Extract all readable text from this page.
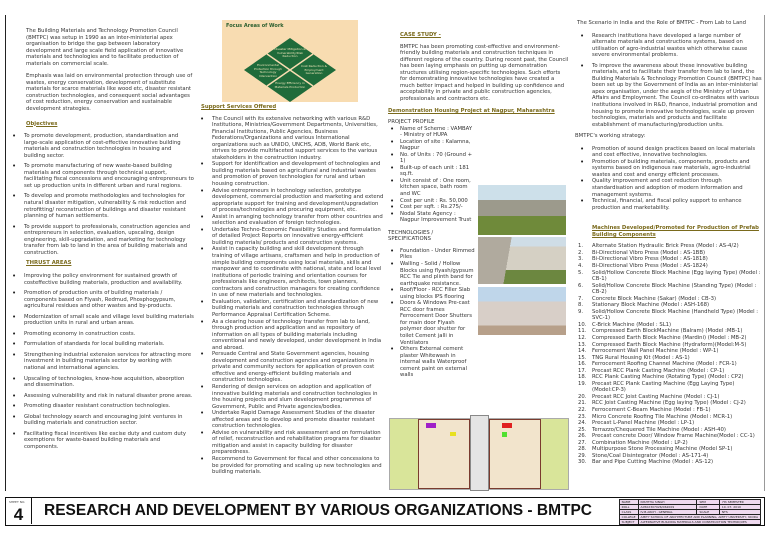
The Building Materials and Technology Promotion Council (BMTPC) was setup in 1990 as an inter-ministerial apex organisation to bridge the gap between laboratory development and large scale field application of innovative materials and technologies and to facilitate production of materials on commercial scale.

Emphasis was laid on environmental protection through use of wastes, energy conservation, development of substitute materials for scarce materials like wood etc, disaster resistant construction technologies, and consequent social advantages of cost reduction, energy conservation and sustainable development strategies.

Objectives
• To promote development, production, standardisation and large-scale application of cost-effective innovative building materials and construction technologies in housing and building sector.
• To promote manufacturing of new waste-based building materials and components through technical support, facilitating fiscal concessions and encouraging entrepreneurs to set up production units in different urban and rural regions.
• To develop and promote methodologies and technologies for natural disaster mitigation, vulnerability & risk reduction and retrofitting/ reconstruction of buildings and disaster resistant planning of human settlements.
• To provide support to professionals, construction agencies and entrepreneurs in selection, evaluation, upscaling, design engineering, skill-upgradation, and marketing for technology transfer from lab to land in the area of building materials and construction.
THRUST AREAS
• Improving the policy environment for sustained growth of costeffective building materials, production and availability.
• Promotion of production units of building materials / components based on Flyash, Redmud, Phosphogypsum, agricultural residues and other wastes and by-products.
• Modernization of small scale and village level building materials production units in rural and urban areas.
• Promoting economy in construction costs.
• Formulation of standards for local building materials.
• Strengthening industrial extension services for attracting more investment in building materials sector by working with national and international agencies.
• Upscaling of technologies, know-how acquisition, absorption and dissemination.
• Assessing vulnerability and risk in natural disaster prone areas.
• Promoting disaster resistant construction technologies.
• Global technology search and encouraging joint ventures in building materials and construction sector.
• Facilitating fiscal incentives like excise duty and custom duty exemptions for waste-based building materials and components.
Focus Areas of Work
Disaster Mitigation & Vulnerability/Risk Reduction
Environmental Protection through Technology Intervention
Cost Reduction & Employment Generation
Energy Efficiency in Materials Production
Support Services Offered
• The Council with its extensive networking with various R&D Institutions, Ministries/Government Departments, Universities, Financial Institutions, Public Agencies, Business Federations/Organizations and various International organizations such as UNIDO, UNCHS, ADB, World Bank etc, strives to provide multifaceted support services to the various stakeholders in the construction industry.
• Support for identification and development of technologies and building materials based on agricultural and industrial wastes and promotion of proven technologies for rural and urban housing construction.
• Advise entrepreneurs in technology selection, prototype development, commercial production and marketing and extend appropriate support for training and development/upgradation of process/technologies and procuring equipment, etc.
• Assist in arranging technology transfer from other countries and selection and evaluation of foreign technologies.
• Undertake Techno-Economic Feasibility Studies and formulation of detailed Project Reports on innovative energy-efficient building materials/ products and construction systems.
• Assist in capacity building and skill development through training of village artisans, craftsmen and help in production of simple building components using local materials, skills and manpower and to coordinate with national, state and local level institutions of periodic training and orientation courses for professionals like engineers, architects, town planners, contractors and construction managers for creating confidence in use of new materials and technologies.
• Evaluation, validation, certification and standardization of new building materials and construction technologies through Performance Appraisal Certification Scheme.
• As a clearing house of technology transfer from lab to land, through production and application and as repository of information on all types of building materials including conventional and newly developed, under development in India and abroad.
• Persuade Central and State Government agencies, housing development and construction agencies and organizations in private and community sectors for application of proven cost effective and energy-efficient building materials and construction technologies.
• Rendering of design services on adoption and application of innovative building materials and construction technologies in the housing projects and slum development programmes of Government, Public and Private agencies/bodies.
• Undertake Rapid Damage Assessment Studies of the disaster affected areas and to develop and promote disaster resistant construction technologies.
• Advise on vulnerability and risk assessment and on formulation of relief, reconstruction and rehabilitation programs for disaster mitigation and assist in capacity building for disaster preparedness.
• Recommend to Government for fiscal and other concessions to be provided for promoting and scaling up new technologies and building materials.
CASE STUDY -

BMTPC has been promoting cost-effective and environment-friendly building materials and construction techniques in different regions of the country. During recent past, the Council has been laying emphasis on putting up demonstration structures utilising region-specific technologies. Such efforts for demonstrating innovative technologies have created a much better impact and helped in building up confidence and acceptability in private and public construction agencies, professionals and contractors etc.

Demonstration Housing Project at Nagpur, Maharashtra
PROJECT PROFILE
• Name of Scheme : VAMBAY - Ministry of HUPA
• Location of site : Kalamna, Nagpur
• No. of Units : 70 (Ground + 1)
• Built-up of each unit : 181 sq.ft.
• Unit consist of : One room, kitchen space, bath room and WC
• Cost per unit : Rs. 50,000
• Cost per sqft. : Rs.275/-
• Nodal State Agency : Nagpur Improvement Trust
TECHNOLOGIES / SPECIFICATIONS
• Foundation - Under Rimmed Piles
• Walling - Solid / Hollow Blocks using flyash/gypsum RCC Tie and plinth band for earthquake resistance.
• Roof/Floor - RCC Filler Slab using blocks IPS flooring
• Doors & Windows Pre-cast RCC door frames Ferrocement Door Shutters for main door Flyash polymer door shutter for toilet Cement jalli in Ventilators
• Others External cement plaster Whitewash in internal walls Waterproof cement paint on external walls

The Scenario in India and the Role of BMTPC - From Lab to Land

• Research institutions have developed a large number of alternate materials and constructions systems, based on utilisation of agro-industrial wastes which otherwise cause severe environmental problems.
• To improve the awareness about these innovative building materials, and to facilitate their transfer from lab to land, the Building Materials & Technology Promotion Council (BMTPC) has been set up by the Government of India as an inter-ministerial apex organisation, under the aegis of the Ministry of Urban Affairs and Employment. The Council co-ordinates with various institutions involved in R&D, finance, industrial promotion and housing to promote innovative technologies, scale up proven technologies, materials and products and facilitate establishment of manufacturing/production units.

BMTPC's working strategy:

• Promotion of sound design practices based on local materials and cost effective, innovative technologies.
• Promotion of building materials, components, products and systems based on indigenous raw materials, agro-industrial wastes and cost and energy efficient processes.
• Quality improvement and cost reduction through standardisation and adoption of modern information and management systems.
• Technical, financial, and fiscal policy support to enhance production and marketability.
Machines Developed/Promoted for Production of Prefab Building Components
1. Alternate Station Hydraulic Brick Press (Model : AS-4/2)
2. Bi-Directional Vibro Press (Model : AS-1BB)
3. Bi-Directional Vibro Press (Model : AS-1818)
4. Bi-Directional Vibro Press (Model : AS-1824)
5. Solid/Hollow Concrete Block Machine (Egg laying Type) (Model : CB-1)
6. Solid/Hollow Concrete Block Machine (Standing Type) (Model : CB-2)
7. Concrete Block Machine (Sakar) (Model : CB-3)
8. Stationary Block Machine (Model : ASH-168)
9. Solid/Hollow Concrete Block Machine (Handheld Type) (Model : SVC-1)
10. C-Brick Machine (Model : SL1)
11. Compressed Earth BlockMachine (Balram) (Model :MB-1)
12. Compressed Earth Block Machine (Mardini) (Model : MB-2)
13. Compressed Earth Block Machine (Hydraform)(Model:M-5)
14. Ferrocement Wall Panel Machine (Model : WP-1)
15. TNG Rural Housing Kit (Model : AS-1)
16. Ferrocement Roofing Channel Machine (Model : FCR-1)
17. Precast RCC Plank Casting Machine (Model : CP-1)
18. RCC Plank Casting Machine (Rotating Type) (Model : CP2)
19. Precast RCC Plank Casting Machine (Egg Laying Type) (Model:CP-3)
20. Precast RCC Joist Casting Machine (Model : CJ-1)
21. RCC Joist Casting Machine (Egg laying Type) (Model : CJ-2)
22. Ferrocement C-Beam Machine (Model : FB-1)
23. Micro Concrete Roofing Tile Machine (Model : MCR-1)
24. Precast L-Panel Machine (Model : LP-1)
25. Terrazzo/Chequered Tile Machine (Model : ASH-40)
26. Precast concrete Door/ Window Frame Machine(Model : CC-1)
27. Combination Machine (Model : LP-2)
28. Multipurpose Stone Processing Machine (Model SP-1)
29. Stone/Coal Disintegrator (Model : AS-171-4)
30. Bar and Pipe Cutting Machine (Model : AS-12)
SHEET NO.
4	RESEARCH AND DEVELOPMENT BY VARIOUS ORGANIZATIONS - BMTPC	NAME	NISHTHA SINGH	SEM	7th SEMESTER
ROLL	A0502307026/062009	DATE	10. 07. 2010
CLASS	IV-B.ARCH - GENERAL	SCALE	NTS
COLLEGE	AMITY SCHOOL OF ARCHITECTURE AND PLANNING, AMITY UNIVERSITY, NOIDA		
SUBJECT	ALTERNATIVE BUILDING MATERIALS AND CONSTRUCTION TECHNIQUES		
